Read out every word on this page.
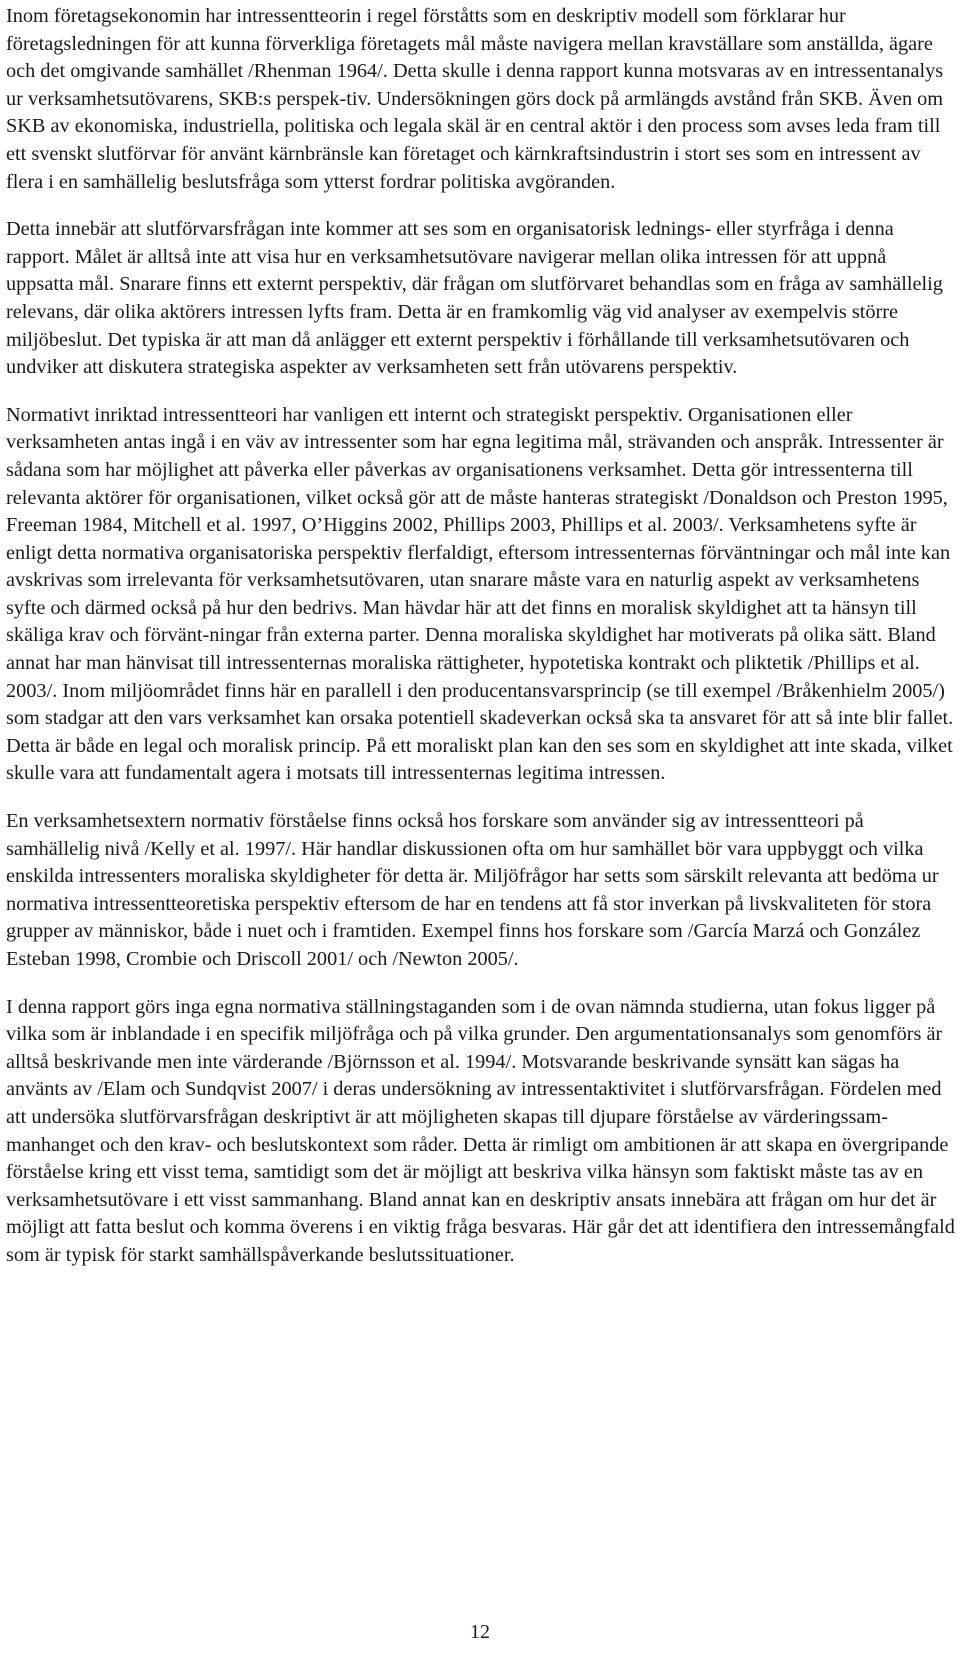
Inom företagsekonomin har intressentteorin i regel förståtts som en deskriptiv modell som förklarar hur företagsledningen för att kunna förverkliga företagets mål måste navigera mellan kravställare som anställda, ägare och det omgivande samhället /Rhenman 1964/. Detta skulle i denna rapport kunna motsvaras av en intressentanalys ur verksamhetsutövarens, SKB:s perspek-tiv. Undersökningen görs dock på armlängds avstånd från SKB. Även om SKB av ekonomiska, industriella, politiska och legala skäl är en central aktör i den process som avses leda fram till ett svenskt slutförvar för använt kärnbränsle kan företaget och kärnkraftsindustrin i stort ses som en intressent av flera i en samhällelig beslutsfråga som ytterst fordrar politiska avgöranden.

Detta innebär att slutförvarsfrågan inte kommer att ses som en organisatorisk lednings- eller styrfråga i denna rapport. Målet är alltså inte att visa hur en verksamhetsutövare navigerar mellan olika intressen för att uppnå uppsatta mål. Snarare finns ett externt perspektiv, där frågan om slutförvaret behandlas som en fråga av samhällelig relevans, där olika aktörers intressen lyfts fram. Detta är en framkomlig väg vid analyser av exempelvis större miljöbeslut. Det typiska är att man då anlägger ett externt perspektiv i förhållande till verksamhetsutövaren och undviker att diskutera strategiska aspekter av verksamheten sett från utövarens perspektiv.

Normativt inriktad intressentteori har vanligen ett internt och strategiskt perspektiv. Organisationen eller verksamheten antas ingå i en väv av intressenter som har egna legitima mål, strävanden och anspråk. Intressenter är sådana som har möjlighet att påverka eller påverkas av organisationens verksamhet. Detta gör intressenterna till relevanta aktörer för organisationen, vilket också gör att de måste hanteras strategiskt /Donaldson och Preston 1995, Freeman 1984, Mitchell et al. 1997, O’Higgins 2002, Phillips 2003, Phillips et al. 2003/. Verksamhetens syfte är enligt detta normativa organisatoriska perspektiv flerfaldigt, eftersom intressenternas förväntningar och mål inte kan avskrivas som irrelevanta för verksamhetsutövaren, utan snarare måste vara en naturlig aspekt av verksamhetens syfte och därmed också på hur den bedrivs. Man hävdar här att det finns en moralisk skyldighet att ta hänsyn till skäliga krav och förvänt-ningar från externa parter. Denna moraliska skyldighet har motiverats på olika sätt. Bland annat har man hänvisat till intressenternas moraliska rättigheter, hypotetiska kontrakt och pliktetik /Phillips et al. 2003/. Inom miljöområdet finns här en parallell i den producentansvarsprincip (se till exempel /Bråkenhielm 2005/) som stadgar att den vars verksamhet kan orsaka potentiell skadeverkan också ska ta ansvaret för att så inte blir fallet. Detta är både en legal och moralisk princip. På ett moraliskt plan kan den ses som en skyldighet att inte skada, vilket skulle vara att fundamentalt agera i motsats till intressenternas legitima intressen.

En verksamhetsextern normativ förståelse finns också hos forskare som använder sig av intressentteori på samhällelig nivå /Kelly et al. 1997/. Här handlar diskussionen ofta om hur samhället bör vara uppbyggt och vilka enskilda intressenters moraliska skyldigheter för detta är. Miljöfrågor har setts som särskilt relevanta att bedöma ur normativa intressentteoretiska perspektiv eftersom de har en tendens att få stor inverkan på livskvaliteten för stora grupper av människor, både i nuet och i framtiden. Exempel finns hos forskare som /García Marzá och González Esteban 1998, Crombie och Driscoll 2001/ och /Newton 2005/.

I denna rapport görs inga egna normativa ställningstaganden som i de ovan nämnda studierna, utan fokus ligger på vilka som är inblandade i en specifik miljöfråga och på vilka grunder. Den argumentationsanalys som genomförs är alltså beskrivande men inte värderande /Björnsson et al. 1994/. Motsvarande beskrivande synsätt kan sägas ha använts av /Elam och Sundqvist 2007/ i deras undersökning av intressentaktivitet i slutförvarsfrågan. Fördelen med att undersöka slutförvarsfrågan deskriptivt är att möjligheten skapas till djupare förståelse av värderingssam-manhanget och den krav- och beslutskontext som råder. Detta är rimligt om ambitionen är att skapa en övergripande förståelse kring ett visst tema, samtidigt som det är möjligt att beskriva vilka hänsyn som faktiskt måste tas av en verksamhetsutövare i ett visst sammanhang. Bland annat kan en deskriptiv ansats innebära att frågan om hur det är möjligt att fatta beslut och komma överens i en viktig fråga besvaras. Här går det att identifiera den intressemångfald som är typisk för starkt samhällspåverkande beslutssituationer.

12
